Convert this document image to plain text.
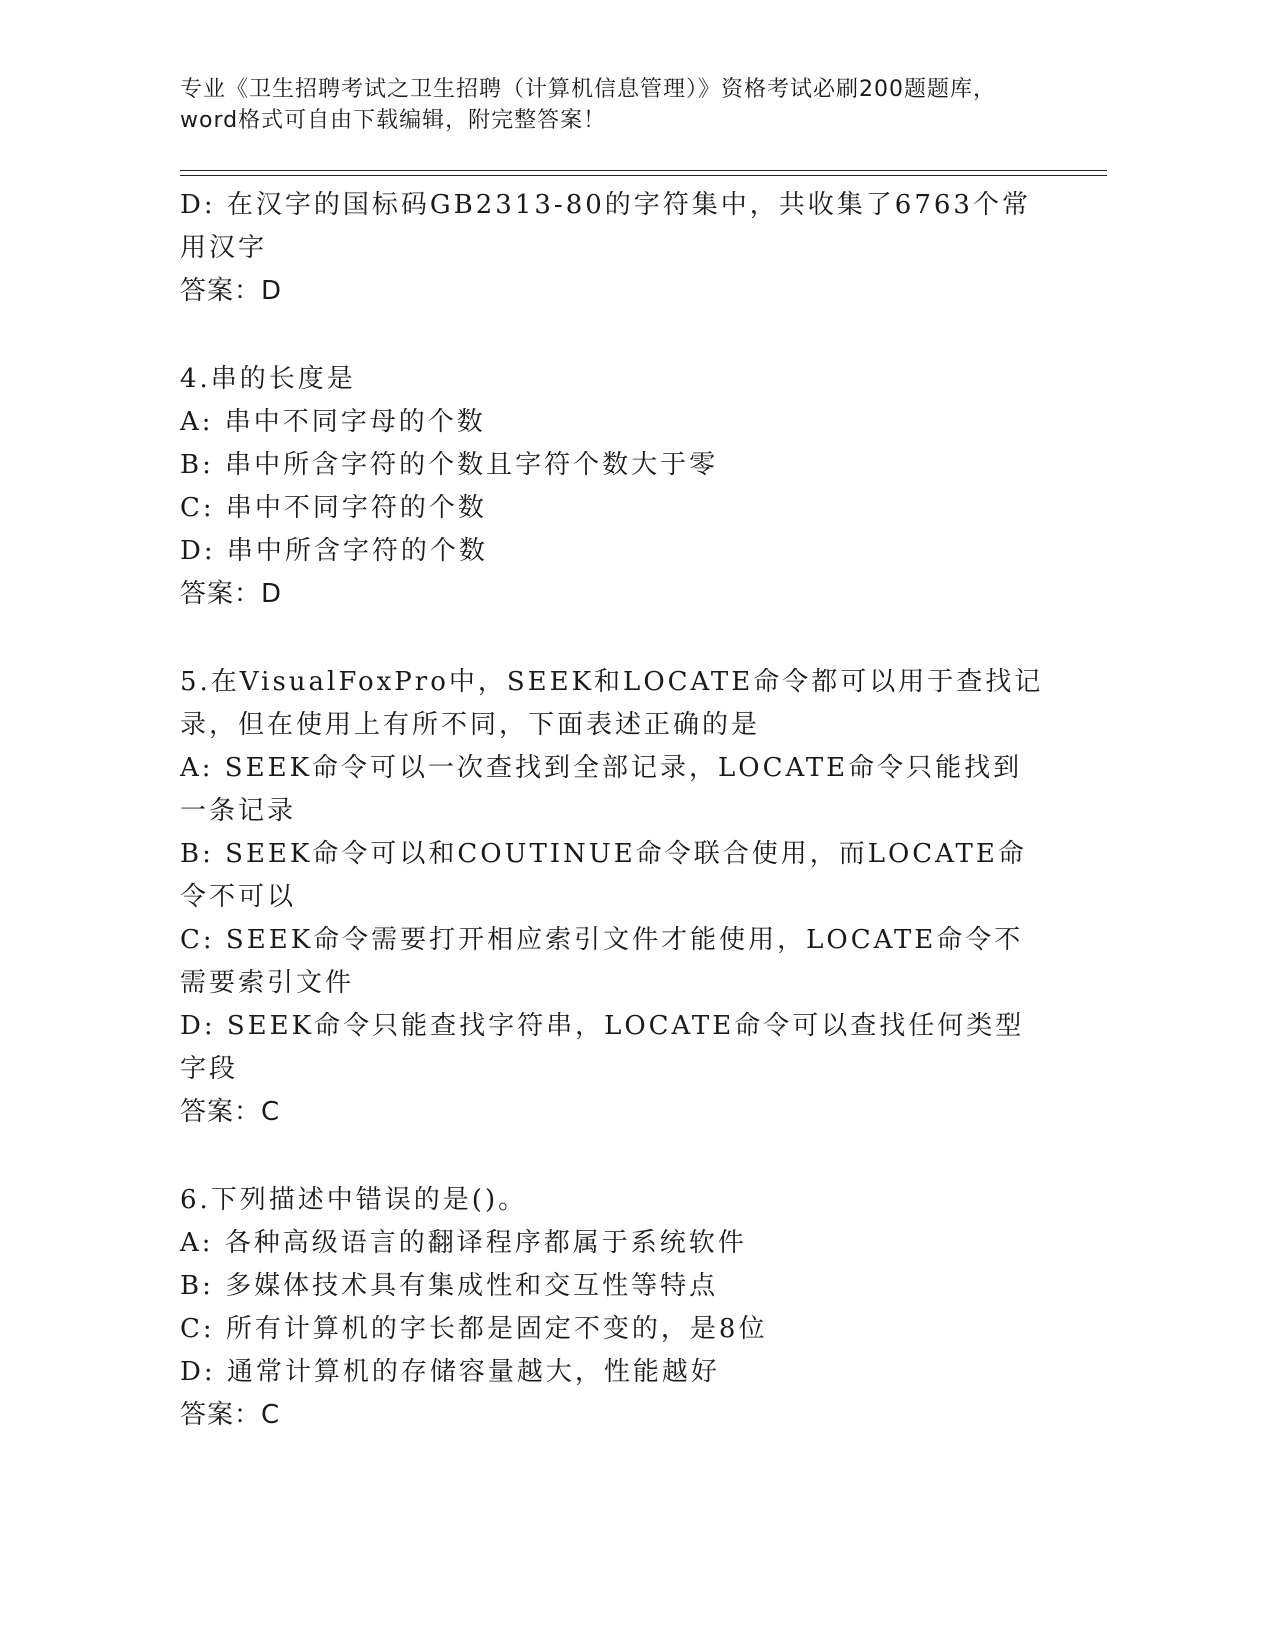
专业《卫生招聘考试之卫生招聘（计算机信息管理）》资格考试必刷200题题库，
word格式可自由下载编辑，附完整答案！

D: 在汉字的国标码GB2313-80的字符集中，共收集了6763个常用汉字

答案：D

4.串的长度是

A: 串中不同字母的个数

B: 串中所含字符的个数且字符个数大于零

C: 串中不同字符的个数

D: 串中所含字符的个数

答案：D

5.在VisualFoxPro中，SEEK和LOCATE命令都可以用于查找记录，但在使用上有所不同，下面表述正确的是

A: SEEK命令可以一次查找到全部记录，LOCATE命令只能找到一条记录

B: SEEK命令可以和COUTINUE命令联合使用，而LOCATE命令不可以

C: SEEK命令需要打开相应索引文件才能使用，LOCATE命令不需要索引文件

D: SEEK命令只能查找字符串，LOCATE命令可以查找任何类型字段

答案：C

6.下列描述中错误的是()。

A: 各种高级语言的翻译程序都属于系统软件

B: 多媒体技术具有集成性和交互性等特点

C: 所有计算机的字长都是固定不变的，是8位

D: 通常计算机的存储容量越大，性能越好

答案：C
